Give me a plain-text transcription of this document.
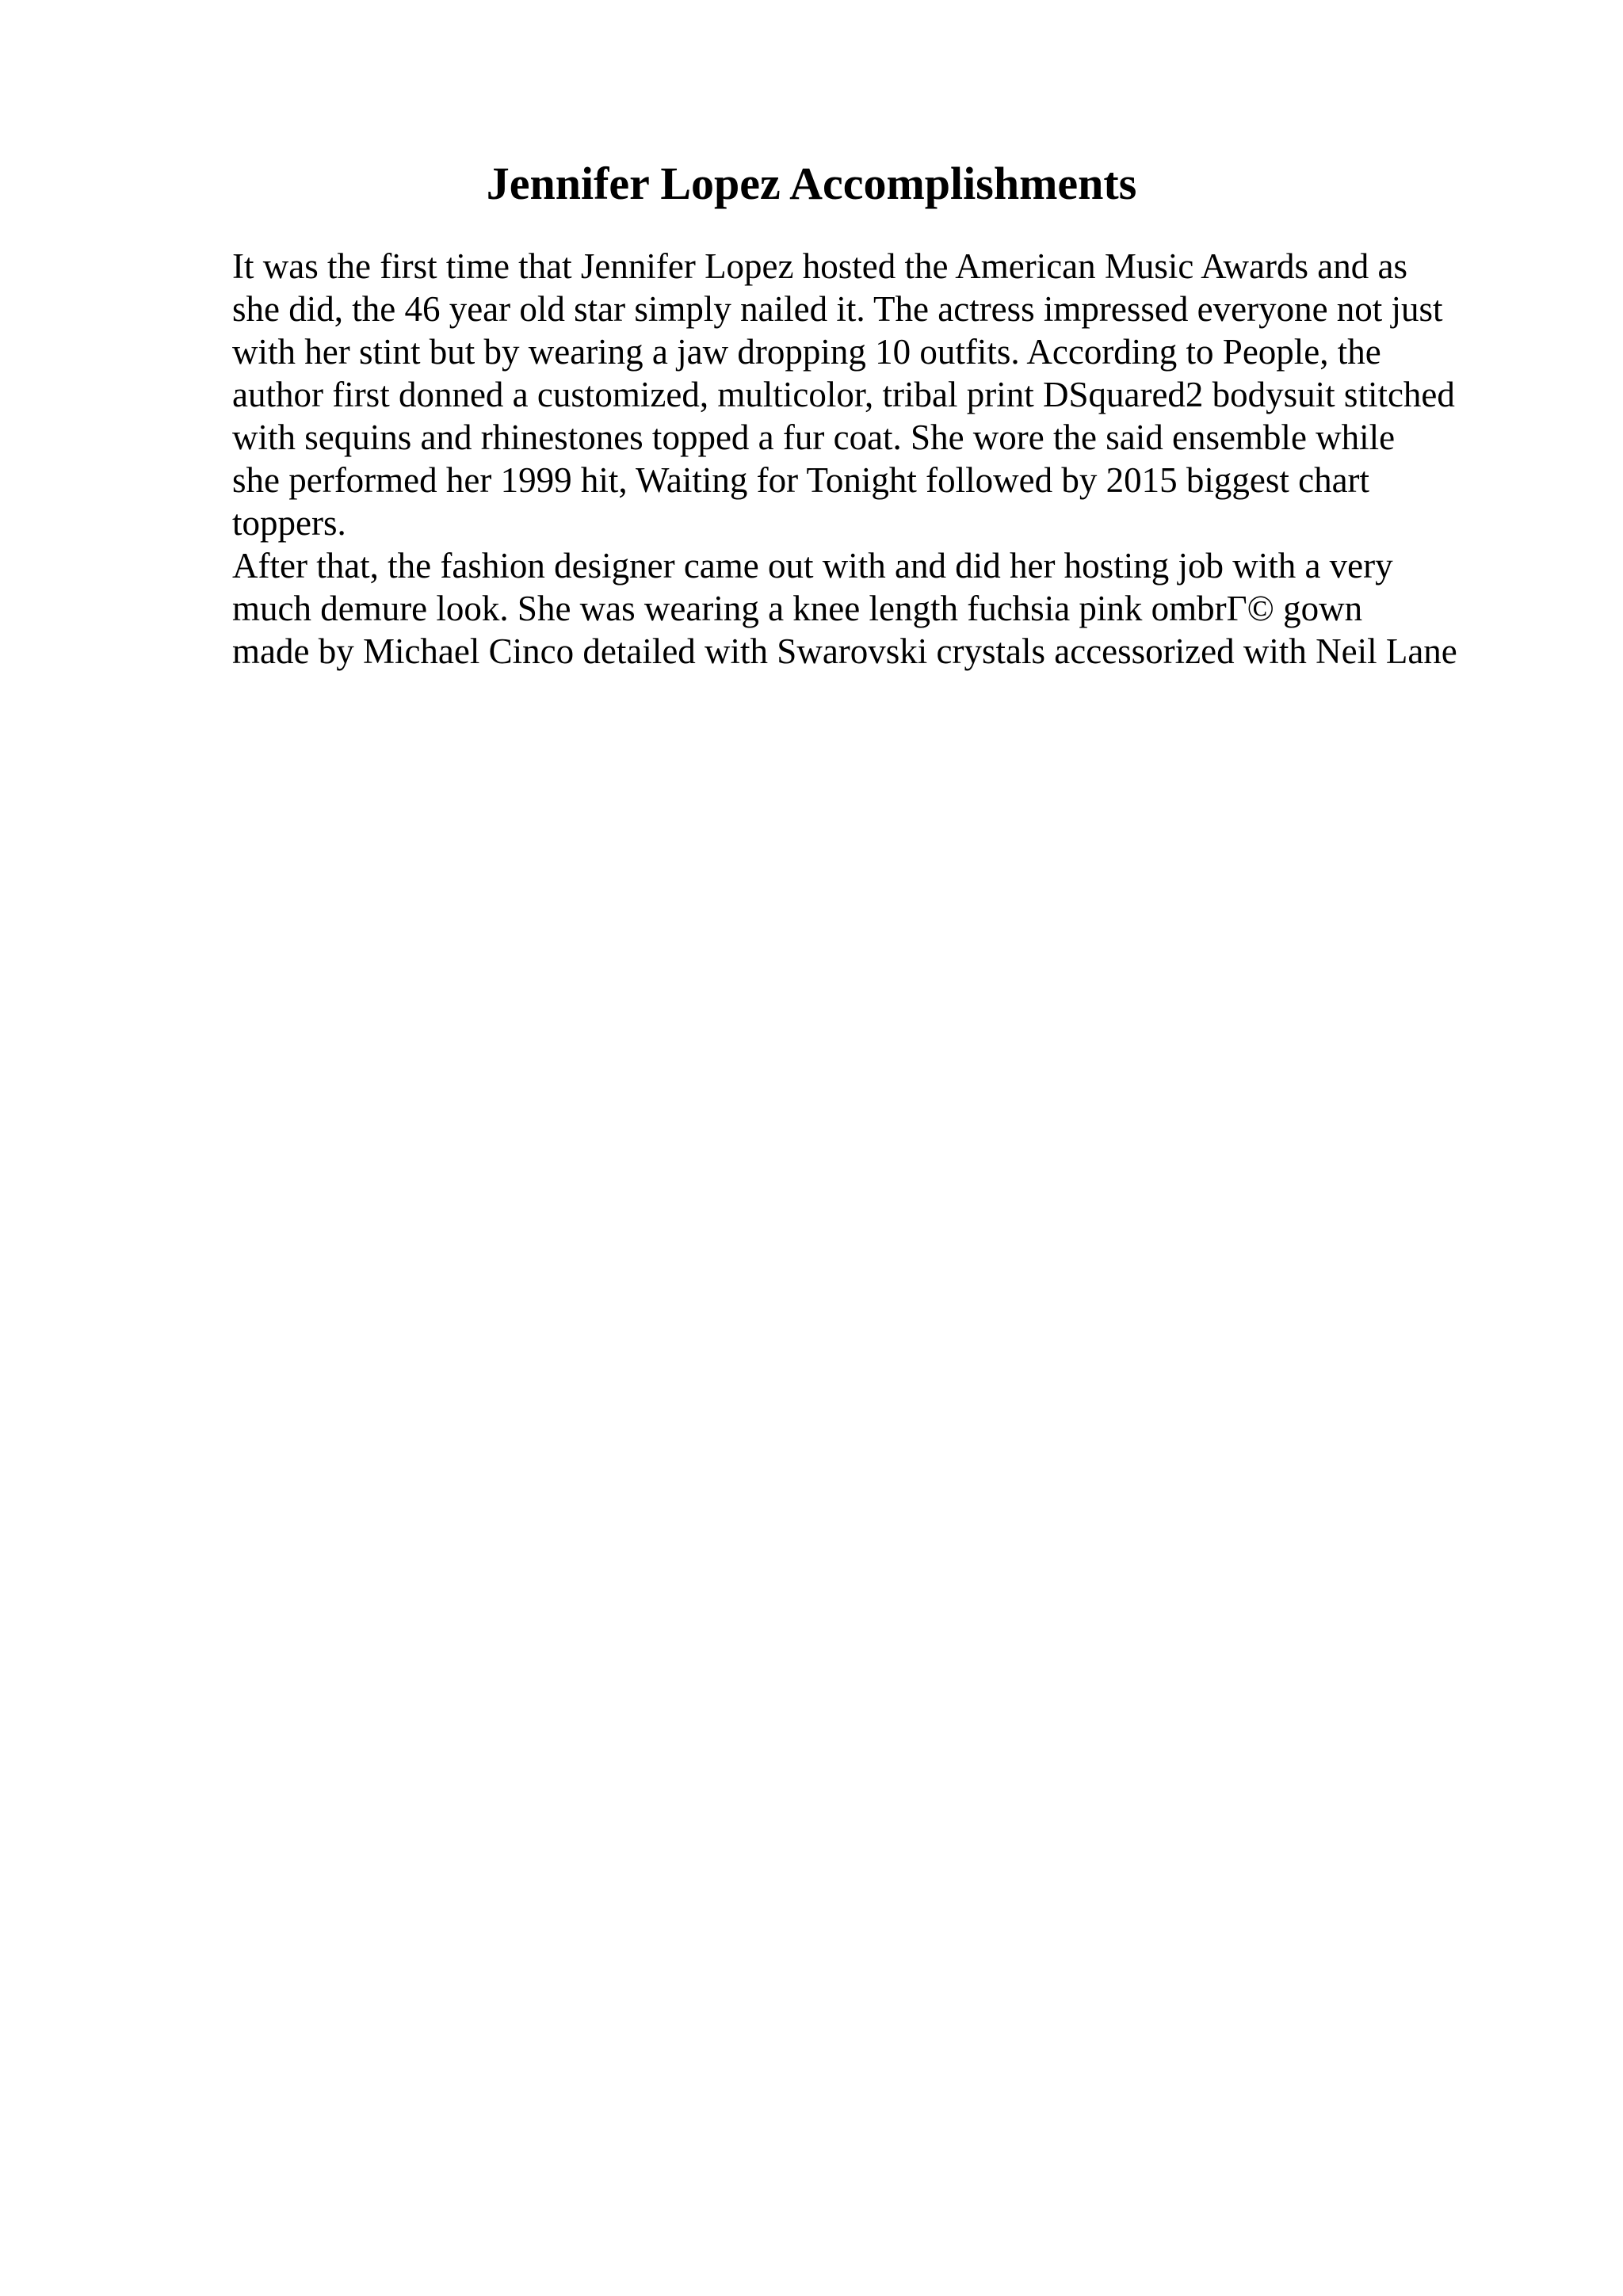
Jennifer Lopez Accomplishments
It was the first time that Jennifer Lopez hosted the American Music Awards and as
she did, the 46 year old star simply nailed it. The actress impressed everyone not just
with her stint but by wearing a jaw dropping 10 outfits. According to People, the
author first donned a customized, multicolor, tribal print DSquared2 bodysuit stitched
with sequins and rhinestones topped a fur coat. She wore the said ensemble while
she performed her 1999 hit, Waiting for Tonight followed by 2015 biggest chart
toppers.
After that, the fashion designer came out with and did her hosting job with a very
much demure look. She was wearing a knee length fuchsia pink ombrΓ© gown
made by Michael Cinco detailed with Swarovski crystals accessorized with Neil Lane
